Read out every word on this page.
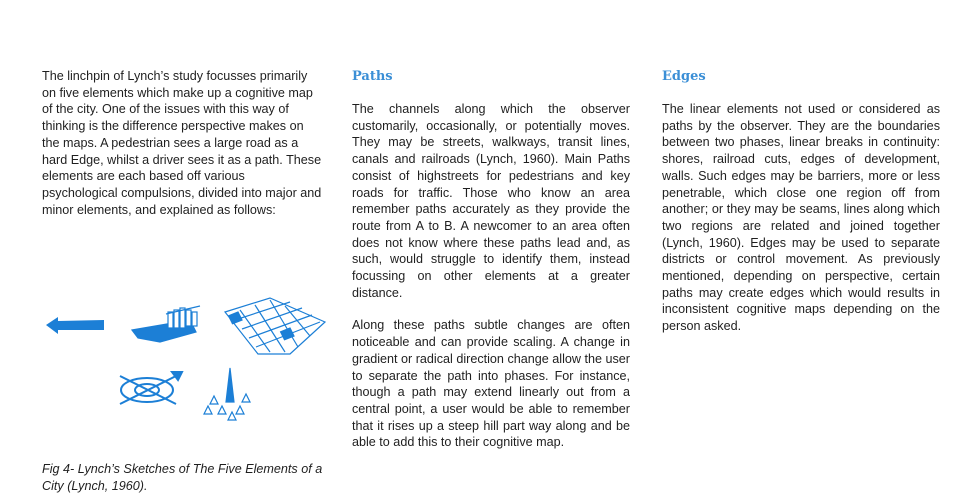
The linchpin of Lynch’s study focusses primarily on five elements which make up a cognitive map of the city. One of the issues with this way of thinking is the difference perspective makes on the maps. A pedestrian sees a large road as a hard Edge, whilst a driver sees it as a path. These elements are each based off various psychological compulsions, divided into major and minor elements, and explained as follows:

Fig 4- Lynch’s Sketches of The Five Elements of a City (Lynch, 1960).
Paths

The channels along which the observer customarily, occasionally, or potentially moves. They may be streets, walkways, transit lines, canals and railroads (Lynch, 1960). Main Paths consist of highstreets for pedestrians and key roads for traffic. Those who know an area remember paths accurately as they provide the route from A to B. A newcomer to an area often does not know where these paths lead and, as such, would struggle to identify them, instead focussing on other elements at a greater distance.

Along these paths subtle changes are often noticeable and can provide scaling. A change in gradient or radical direction change allow the user to separate the path into phases. For instance, though a path may extend linearly out from a central point, a user would be able to remember that it rises up a steep hill part way along and be able to add this to their cognitive map.

Edges

The linear elements not used or considered as paths by the observer. They are the boundaries between two phases, linear breaks in continuity: shores, railroad cuts, edges of development, walls. Such edges may be barriers, more or less penetrable, which close one region off from another; or they may be seams, lines along which two regions are related and joined together (Lynch, 1960). Edges may be used to separate districts or control movement. As previously mentioned, depending on perspective, certain paths may create edges which would results in inconsistent cognitive maps depending on the person asked.
